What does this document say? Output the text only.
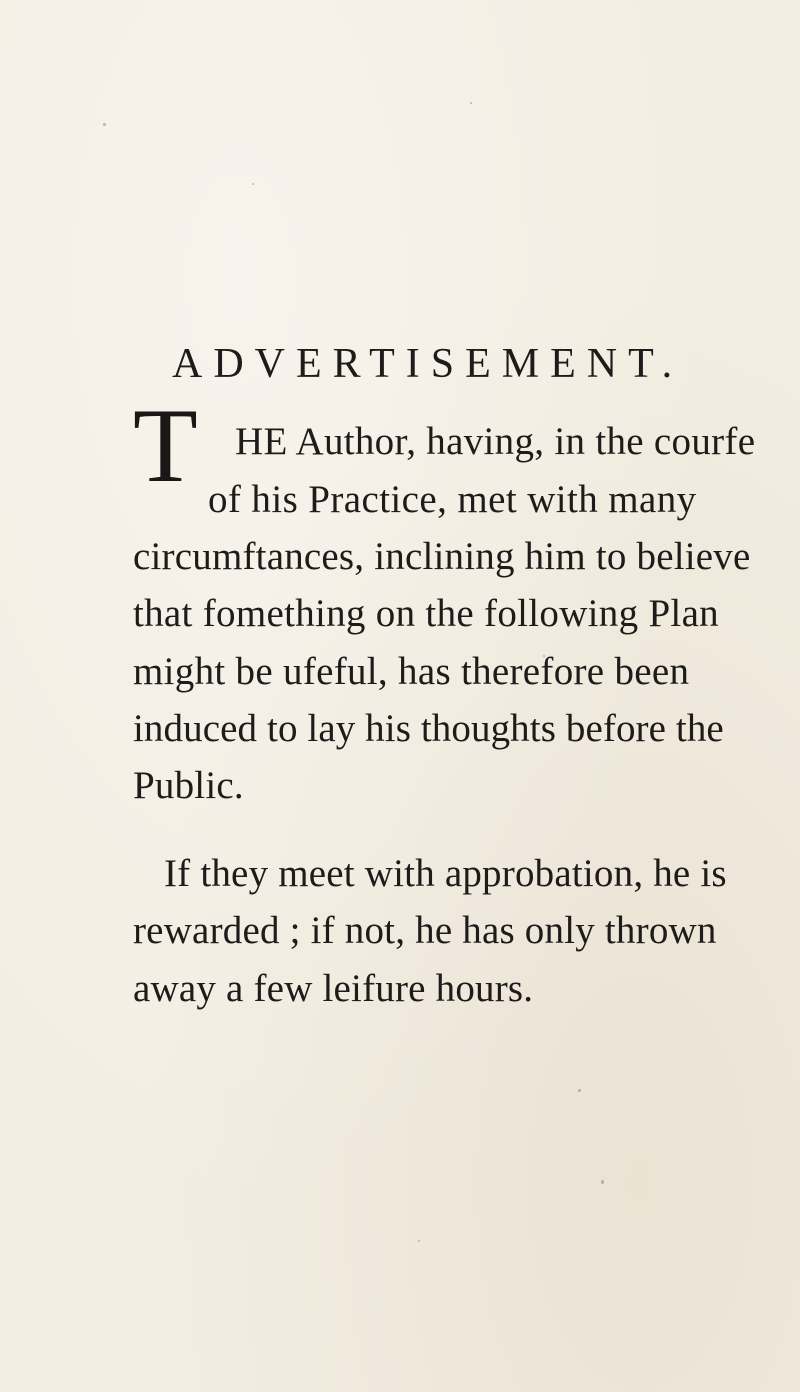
ADVERTISEMENT.
T HE Author, having, in the courfe
of his Practice, met with many
circumftances, inclining him to believe
that fomething on the following Plan
might be ufeful, has therefore been
induced to lay his thoughts before the
Public.
If they meet with approbation, he is
rewarded ; if not, he has only thrown
away a few leifure hours.
